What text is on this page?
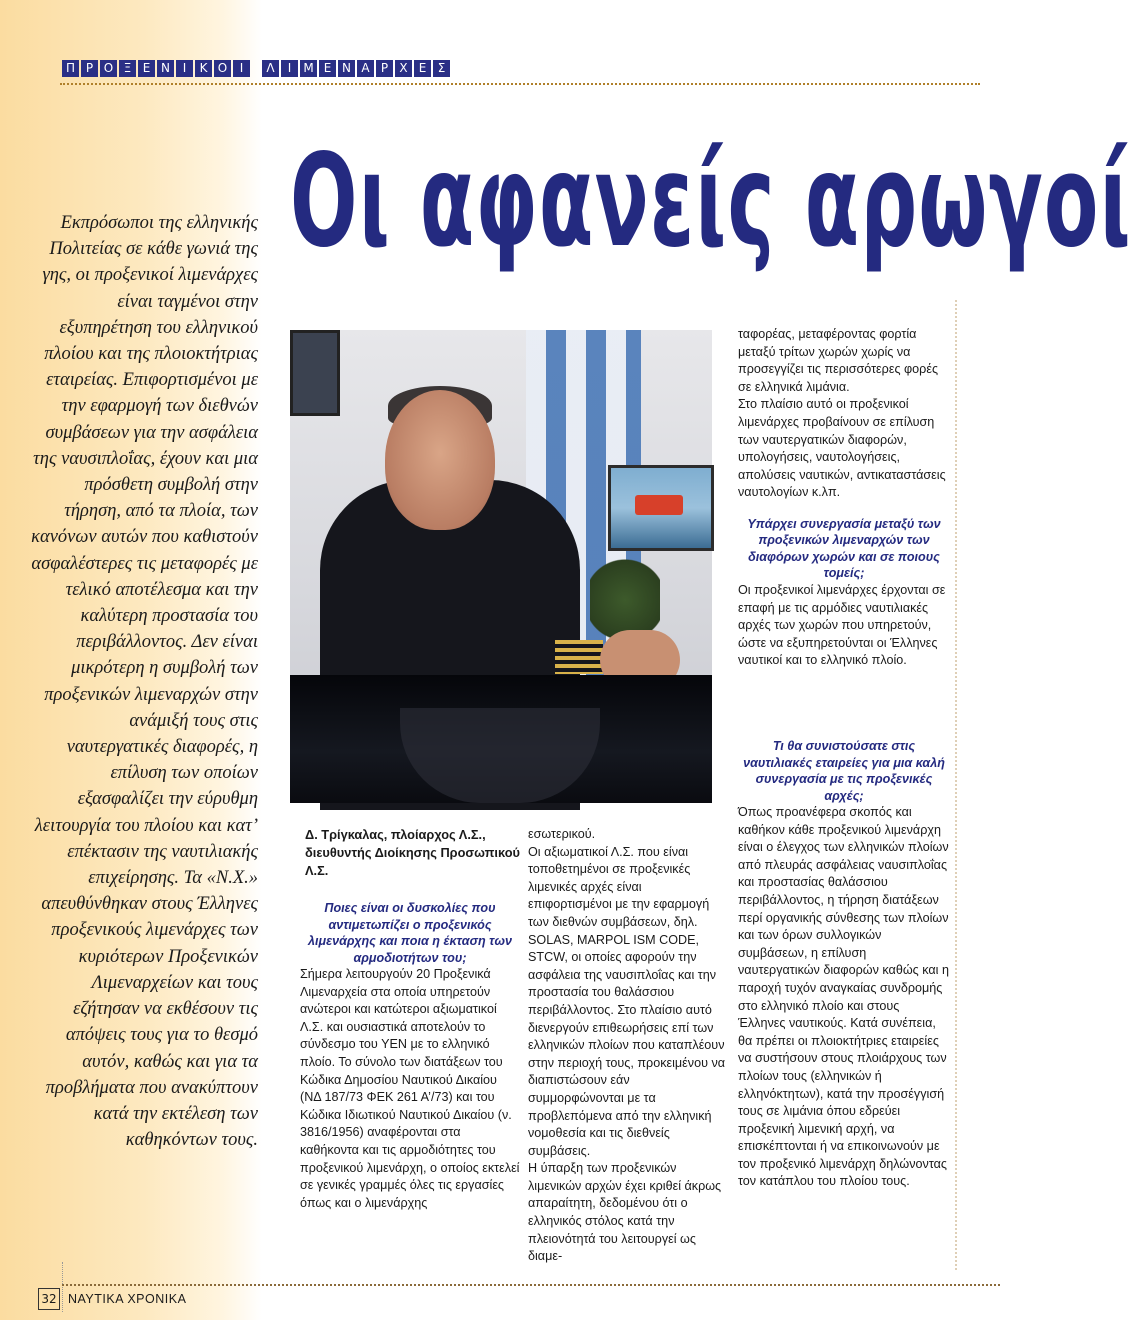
Π Ρ Ο Ξ Ε Ν	Ι	Κ Ο	Ι	Λ	Ι	Μ Ε Ν Α Ρ Χ Ε Σ
Οι αφανείς αρωγοί
Εκπρόσωποι της ελληνικής Πολιτείας σε κάθε γωνιά της γης, οι προξενικοί λιμενάρχες είναι ταγμένοι στην εξυπηρέτηση του ελληνικού πλοίου και της πλοιοκτήτριας εταιρείας. Επιφορτισμένοι με την εφαρμογή των διεθνών συμβάσεων για την ασφάλεια της ναυσιπλοΐας, έχουν και μια πρόσθετη συμβολή στην τήρηση, από τα πλοία, των κανόνων αυτών που καθιστούν ασφαλέστερες τις μεταφορές με τελικό αποτέλεσμα και την καλύτερη προστασία του περιβάλλοντος. Δεν είναι μικρότερη η συμβολή των προξενικών λιμεναρχών στην ανάμιξή τους στις ναυτεργατικές διαφορές, η επίλυση των οποίων εξασφαλίζει την εύρυθμη λειτουργία του πλοίου και κατ’ επέκτασιν της ναυτιλιακής επιχείρησης. Τα «Ν.Χ.» απευθύνθηκαν στους Έλληνες προξενικούς λιμενάρχες των κυριότερων Προξενικών Λιμεναρχείων και τους εζήτησαν να εκθέσουν τις απόψεις τους για το θεσμό αυτόν, καθώς και για τα προβλήματα που ανακύπτουν κατά την εκτέλεση των καθηκόντων τους.
Δ. Τρίγκαλας, πλοίαρχος Λ.Σ., διευθυντής Διοίκησης Προσωπικού Λ.Σ.

Ποιες είναι οι δυσκολίες που αντιμετωπίζει ο προξενικός λιμενάρχης και ποια η έκταση των αρμοδιοτήτων του;

Σήμερα λειτουργούν 20 Προξενικά Λιμεναρχεία στα οποία υπηρετούν ανώτεροι και κατώτεροι αξιωματικοί Λ.Σ. και ουσιαστικά αποτελούν το σύνδεσμο του ΥΕΝ με το ελληνικό πλοίο. Το σύνολο των διατάξεων του Κώδικα Δημοσίου Ναυτικού Δικαίου (ΝΔ 187/73 ΦΕΚ 261 Α’/73) και του Κώδικα Ιδιωτικού Ναυτικού Δικαίου (ν. 3816/1956) αναφέρονται στα καθήκοντα και τις αρμοδιότητες του προξενικού λιμενάρχη, ο οποίος εκτελεί σε γενικές γραμμές όλες τις εργασίες όπως και ο λιμενάρχης

εσωτερικού.

Οι αξιωματικοί Λ.Σ. που είναι τοποθετημένοι σε προξενικές λιμενικές αρχές είναι επιφορτισμένοι με την εφαρμογή των διεθνών συμβάσεων, δηλ. SOLAS, MARPOL ISM CODE, STCW, οι οποίες αφορούν την ασφάλεια της ναυσιπλοΐας και την προστασία του θαλάσσιου περιβάλλοντος. Στο πλαίσιο αυτό διενεργούν επιθεωρήσεις επί των ελληνικών πλοίων που καταπλέουν στην περιοχή τους, προκειμένου να διαπιστώσουν εάν συμμορφώνονται με τα προβλεπόμενα από την ελληνική νομοθεσία και τις διεθνείς συμβάσεις.

Η ύπαρξη των προξενικών λιμενικών αρχών έχει κριθεί άκρως απαραίτητη, δεδομένου ότι ο ελληνικός στόλος κατά την πλειονότητά του λειτουργεί ως διαμε-

ταφορέας, μεταφέροντας φορτία μεταξύ τρίτων χωρών χωρίς να προσεγγίζει τις περισσότερες φορές σε ελληνικά λιμάνια.

Στο πλαίσιο αυτό οι προξενικοί λιμενάρχες προβαίνουν σε επίλυση των ναυτεργατικών διαφορών, υπολογήσεις, ναυτολογήσεις, απολύσεις ναυτικών, αντικαταστάσεις ναυτολογίων κ.λπ.

Υπάρχει συνεργασία μεταξύ των προξενικών λιμεναρχών των διαφόρων χωρών και σε ποιους τομείς;

Οι προξενικοί λιμενάρχες έρχονται σε επαφή με τις αρμόδιες ναυτιλιακές αρχές των χωρών που υπηρετούν, ώστε να εξυπηρετούνται οι Έλληνες ναυτικοί και το ελληνικό πλοίο.

Τι θα συνιστούσατε στις ναυτιλιακές εταιρείες για μια καλή συνεργασία με τις προξενικές αρχές;

Όπως προανέφερα σκοπός και καθήκον κάθε προξενικού λιμενάρχη είναι ο έλεγχος των ελληνικών πλοίων από πλευράς ασφάλειας ναυσιπλοΐας και προστασίας θαλάσσιου περιβάλλοντος, η τήρηση διατάξεων περί οργανικής σύνθεσης των πλοίων και των όρων συλλογικών συμβάσεων, η επίλυση ναυτεργατικών διαφορών καθώς και η παροχή τυχόν αναγκαίας συνδρομής στο ελληνικό πλοίο και στους Έλληνες ναυτικούς. Κατά συνέπεια, θα πρέπει οι πλοιοκτήτριες εταιρείες να συστήσουν στους πλοιάρχους των πλοίων τους (ελληνικών ή ελληνόκτητων), κατά την προσέγγισή τους σε λιμάνια όπου εδρεύει προξενική λιμενική αρχή, να επισκέπτονται ή να επικοινωνούν με τον προξενικό λιμενάρχη δηλώνοντας τον κατάπλου του πλοίου τους.

32 ΝΑΥΤΙΚΑ ΧΡΟΝΙΚΑ
